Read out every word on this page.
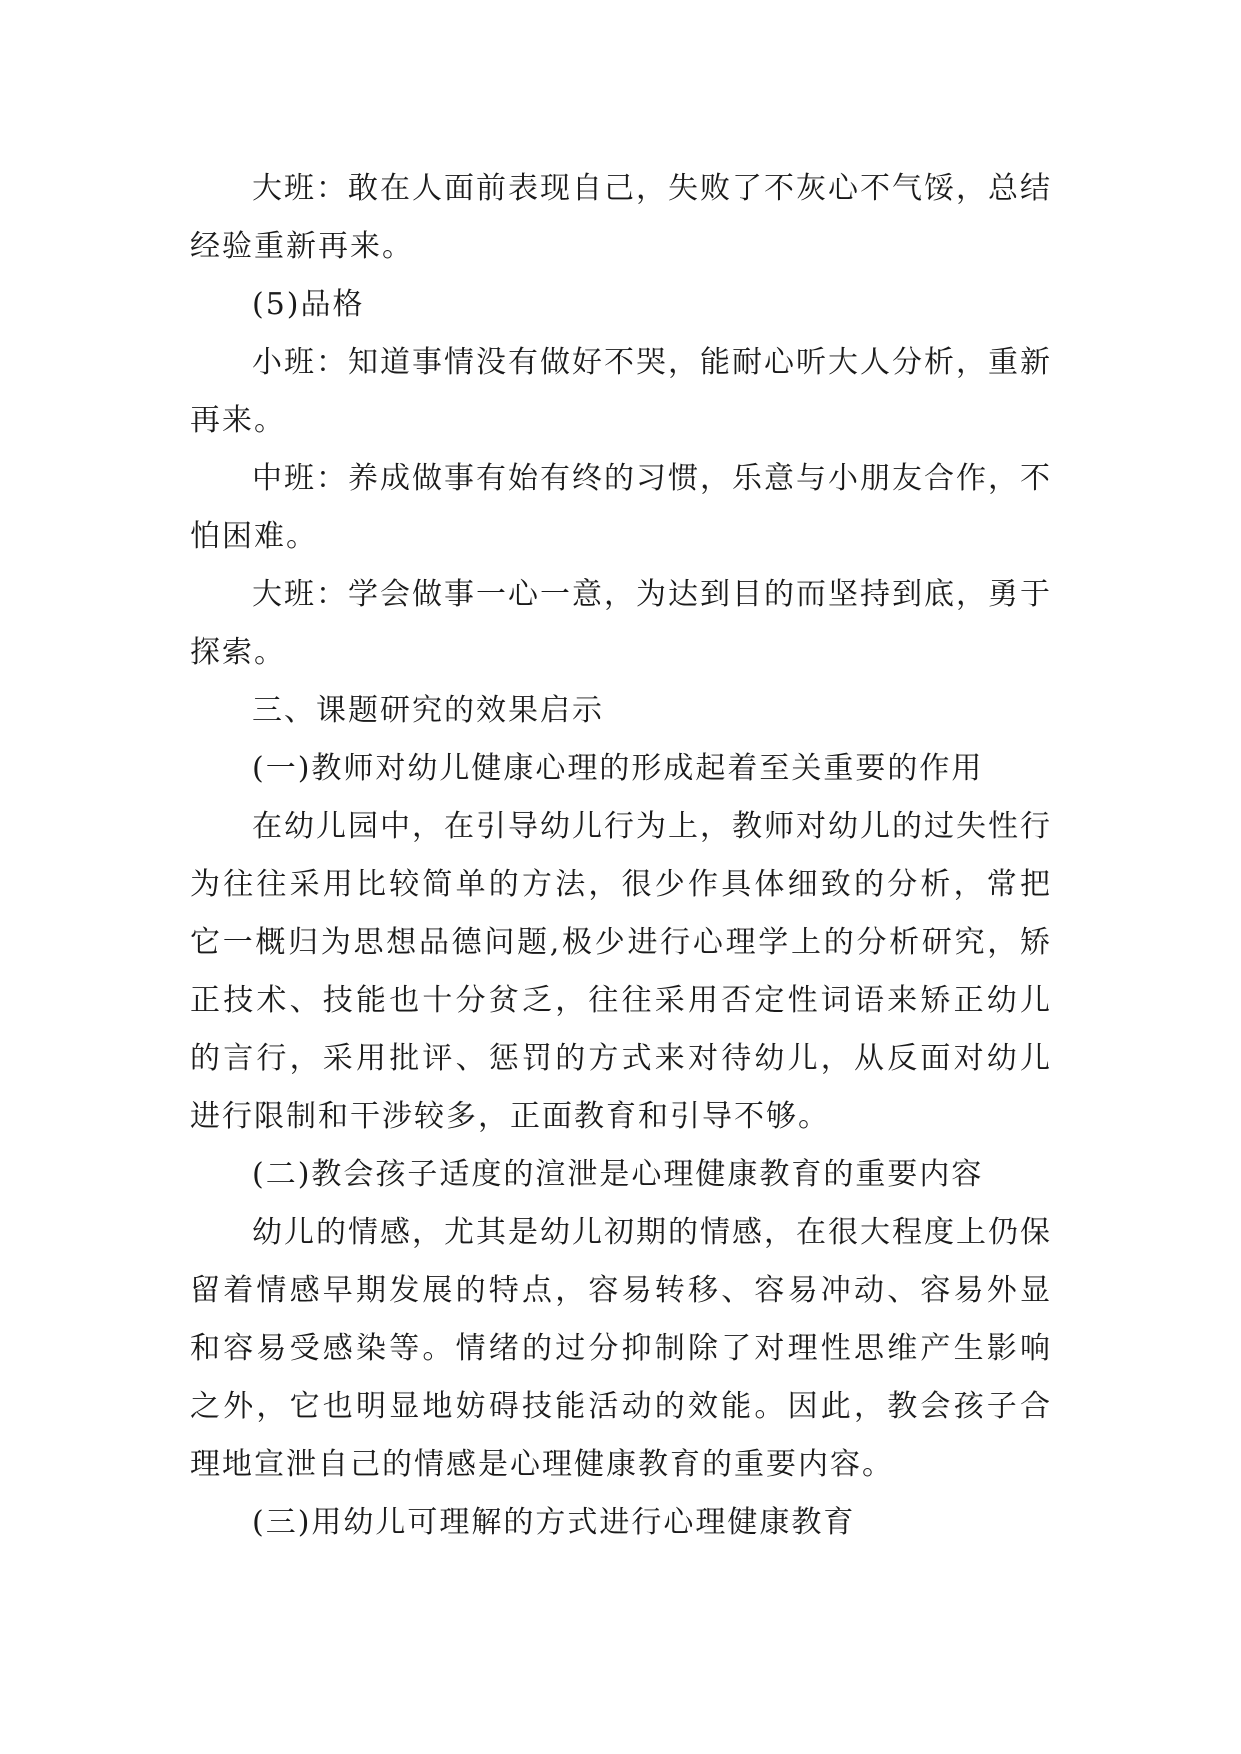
大班：敢在人面前表现自己，失败了不灰心不气馁，总结经验重新再来。

(5)品格

小班：知道事情没有做好不哭，能耐心听大人分析，重新再来。

中班：养成做事有始有终的习惯，乐意与小朋友合作，不怕困难。

大班：学会做事一心一意，为达到目的而坚持到底，勇于探索。

三、课题研究的效果启示

(一)教师对幼儿健康心理的形成起着至关重要的作用

在幼儿园中，在引导幼儿行为上，教师对幼儿的过失性行为往往采用比较简单的方法，很少作具体细致的分析，常把它一概归为思想品德问题,极少进行心理学上的分析研究，矫正技术、技能也十分贫乏，往往采用否定性词语来矫正幼儿的言行，采用批评、惩罚的方式来对待幼儿，从反面对幼儿进行限制和干涉较多，正面教育和引导不够。

(二)教会孩子适度的渲泄是心理健康教育的重要内容

幼儿的情感，尤其是幼儿初期的情感，在很大程度上仍保留着情感早期发展的特点，容易转移、容易冲动、容易外显和容易受感染等。情绪的过分抑制除了对理性思维产生影响之外，它也明显地妨碍技能活动的效能。因此，教会孩子合理地宣泄自己的情感是心理健康教育的重要内容。

(三)用幼儿可理解的方式进行心理健康教育
